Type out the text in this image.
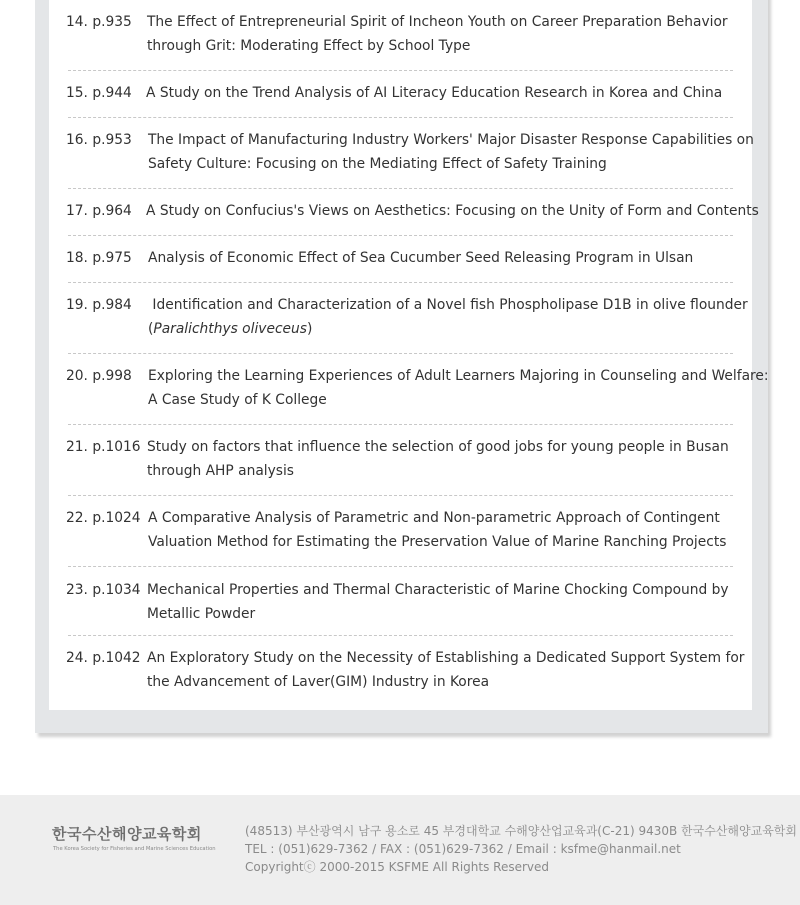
14. p.935 The Effect of Entrepreneurial Spirit of Incheon Youth on Career Preparation Behavior
through Grit: Moderating Effect by School Type
15. p.944 A Study on the Trend Analysis of AI Literacy Education Research in Korea and China
16. p.953 The Impact of Manufacturing Industry Workers' Major Disaster Response Capabilities on
Safety Culture: Focusing on the Mediating Effect of Safety Training
17. p.964 A Study on Confucius's Views on Aesthetics: Focusing on the Unity of Form and Contents
18. p.975 Analysis of Economic Effect of Sea Cucumber Seed Releasing Program in Ulsan
19. p.984 Identification and Characterization of a Novel fish Phospholipase D1B in olive flounder
(Paralichthys olivecеus)
20. p.998 Exploring the Learning Experiences of Adult Learners Majoring in Counseling and Welfare:
A Case Study of K College
21. p.1016 Study on factors that influence the selection of good jobs for young people in Busan
through AHP analysis
22. p.1024 A Comparative Analysis of Parametric and Non-parametric Approach of Contingent
Valuation Method for Estimating the Preservation Value of Marine Ranching Projects
23. p.1034 Mechanical Properties and Thermal Characteristic of Marine Chocking Compound by
Metallic Powder
24. p.1042 An Exploratory Study on the Necessity of Establishing a Dedicated Support System for
the Advancement of Laver(GIM) Industry in Korea
한국수산해양교육학회
The Korea Society for Fisheries and Marine Sciences Education
(48513) 부산광역시 남구 용소로 45 부경대학교 수해양산업교육과(C-21) 9430B 한국수산해양교육학회
TEL : (051)629-7362 / FAX : (051)629-7362 / Email : ksfme@hanmail.net
Copyrightⓒ 2000-2015 KSFME All Rights Reserved
